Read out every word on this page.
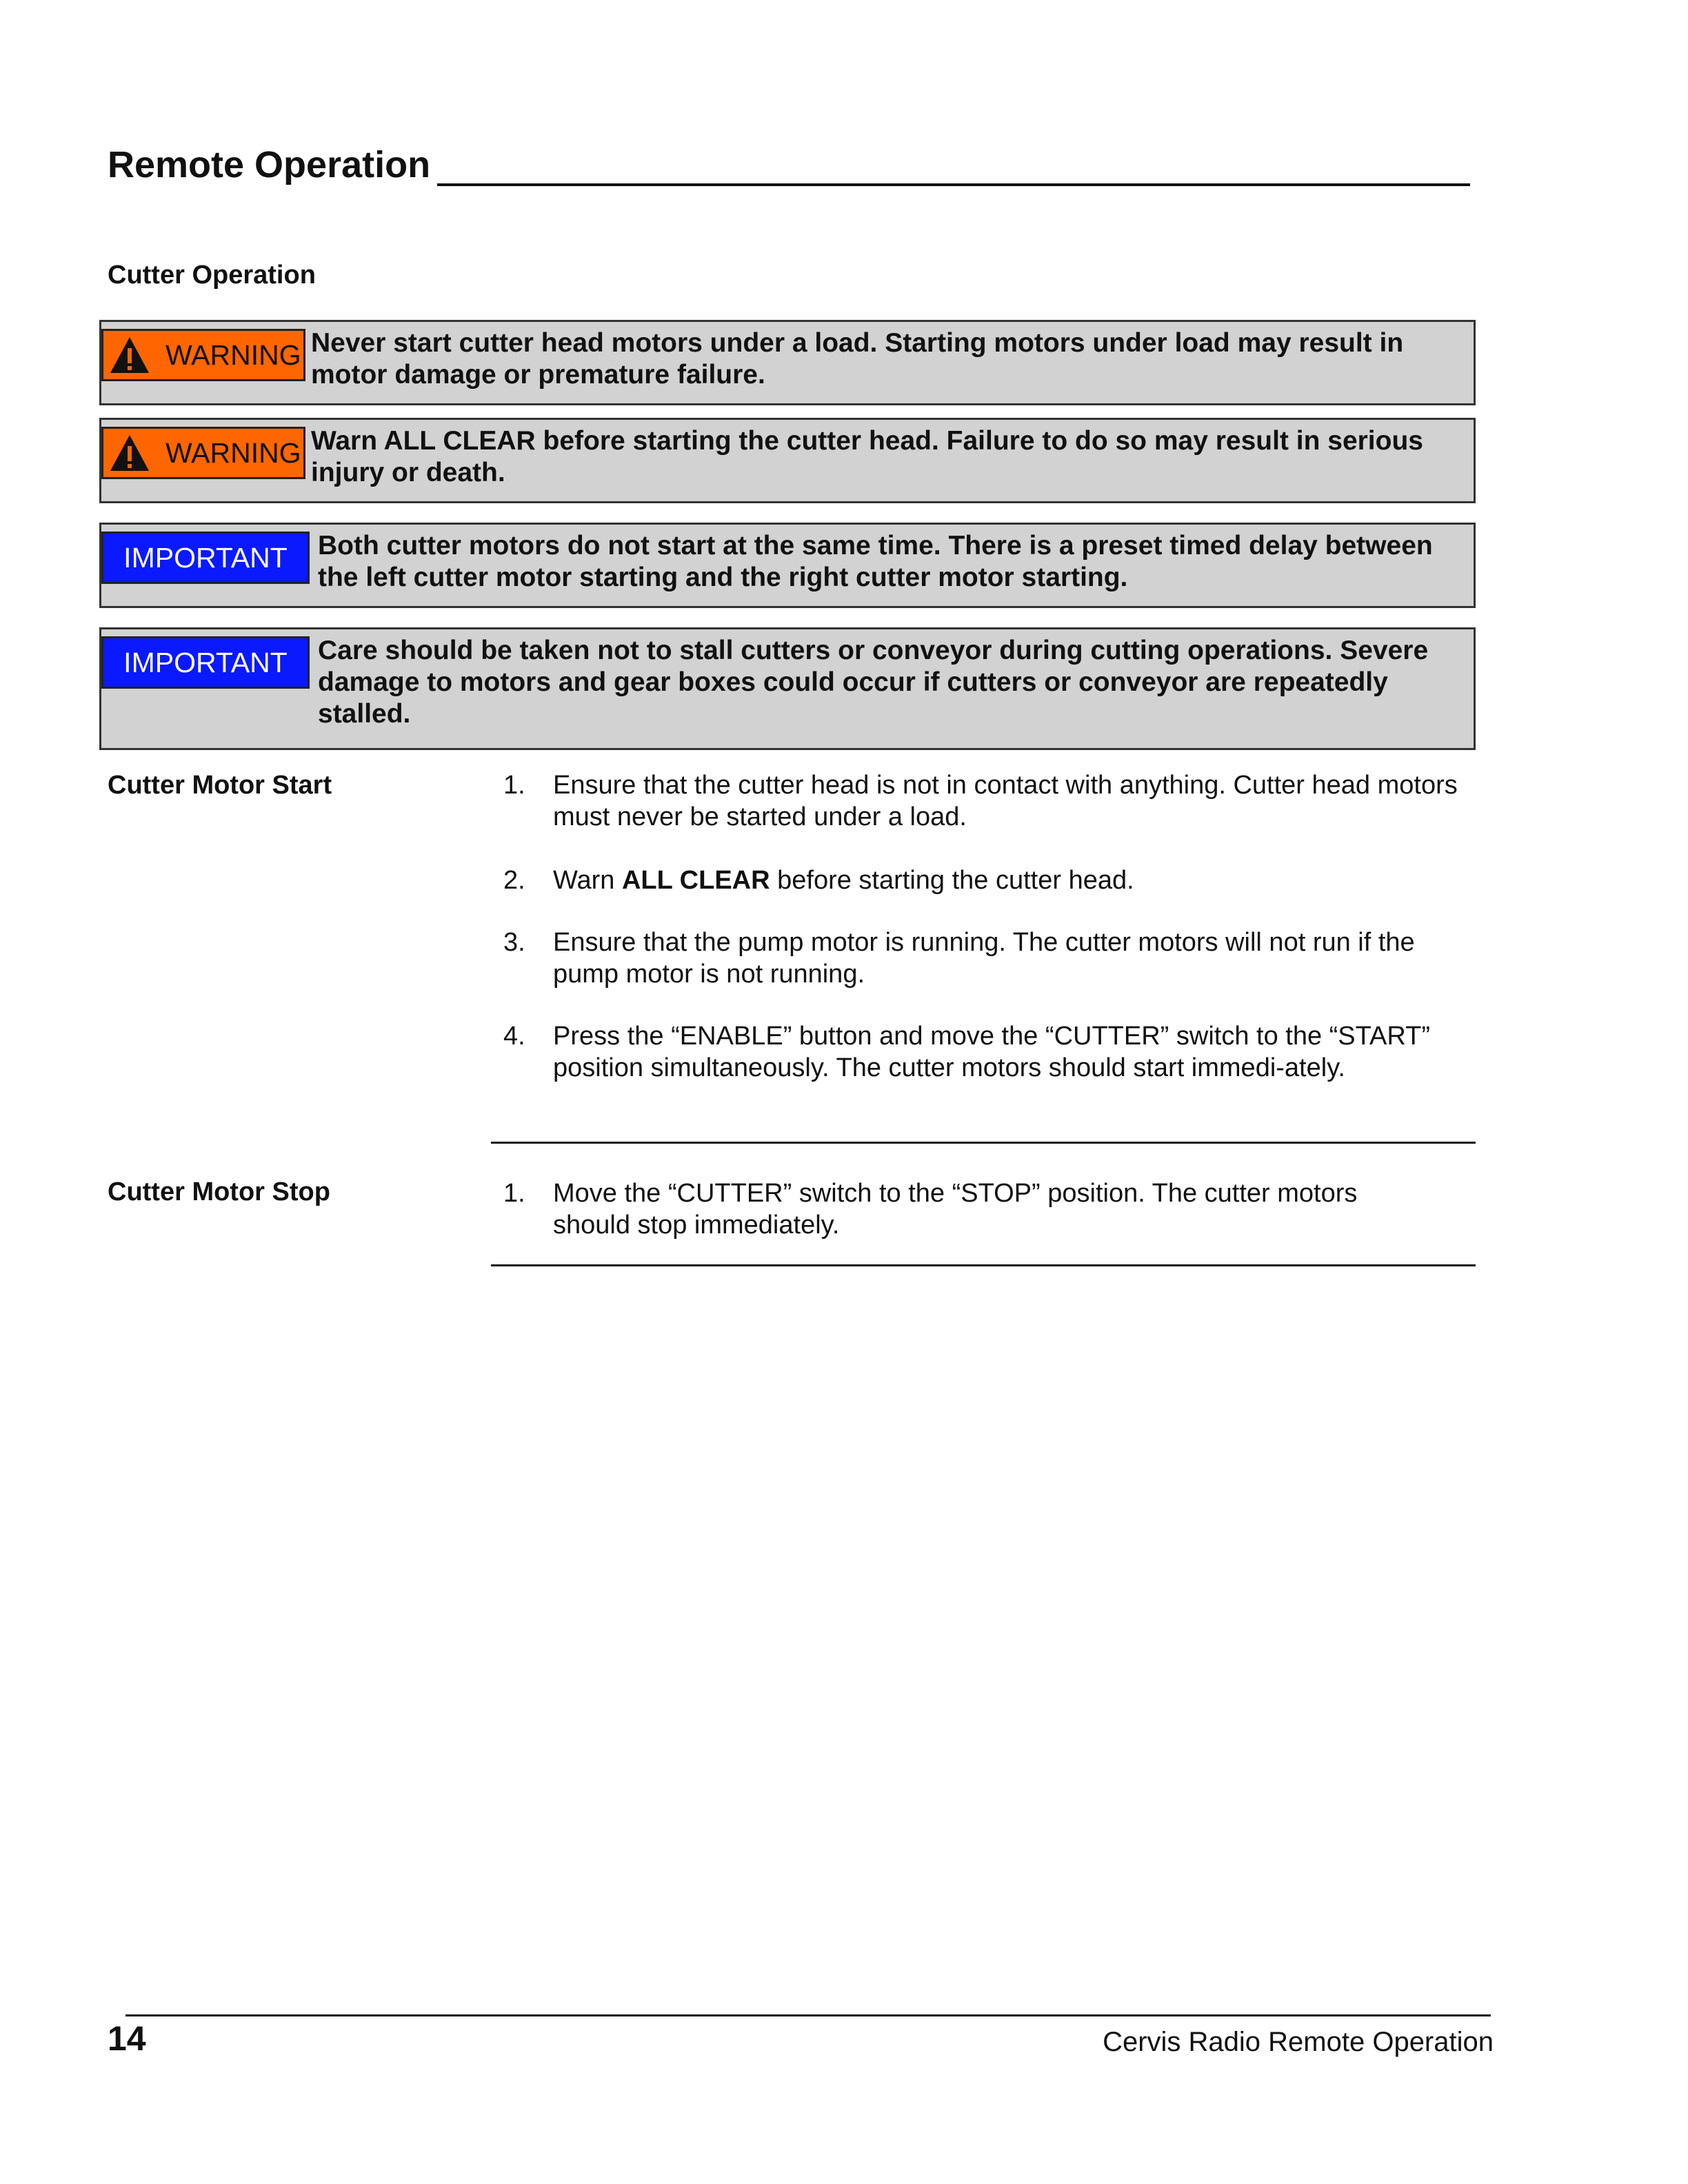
Remote Operation
Cutter Operation
WARNING Never start cutter head motors under a load. Starting motors under load may result in motor damage or premature failure.
WARNING Warn ALL CLEAR before starting the cutter head. Failure to do so may result in serious injury or death.
IMPORTANT Both cutter motors do not start at the same time. There is a preset timed delay between the left cutter motor starting and the right cutter motor starting.
IMPORTANT Care should be taken not to stall cutters or conveyor during cutting operations. Severe damage to motors and gear boxes could occur if cutters or conveyor are repeatedly stalled.
Cutter Motor Start	1. Ensure that the cutter head is not in contact with anything. Cutter head motors must never be started under a load.
2. Warn ALL CLEAR before starting the cutter head.
3. Ensure that the pump motor is running. The cutter motors will not run if the pump motor is not running.
4. Press the “ENABLE” button and move the “CUTTER” switch to the “START” position simultaneously. The cutter motors should start immedi-ately.
Cutter Motor Stop	1. Move the “CUTTER” switch to the “STOP” position. The cutter motors should stop immediately.
14	Cervis Radio Remote Operation
